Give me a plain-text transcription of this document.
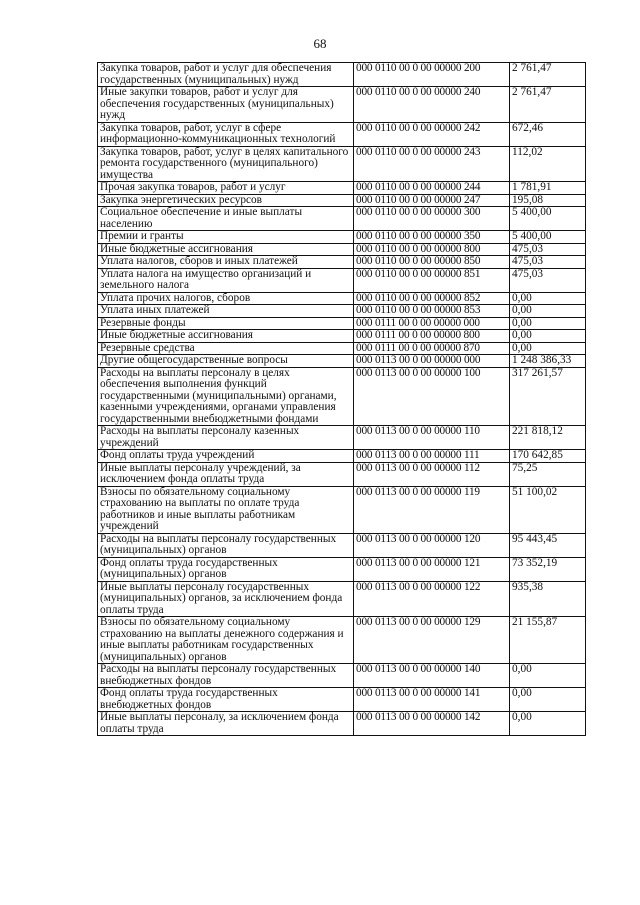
68
Закупка товаров, работ и услуг для обеспечения государственных (муниципальных) нужд	000 0110 00 0 00 00000 200	2 761,47
Иные закупки товаров, работ и услуг для обеспечения государственных (муниципальных) нужд	000 0110 00 0 00 00000 240	2 761,47
Закупка товаров, работ, услуг в сфере информационно-коммуникационных технологий	000 0110 00 0 00 00000 242	672,46
Закупка товаров, работ, услуг в целях капитального ремонта государственного (муниципального) имущества	000 0110 00 0 00 00000 243	112,02
Прочая закупка товаров, работ и услуг	000 0110 00 0 00 00000 244	1 781,91
Закупка энергетических ресурсов	000 0110 00 0 00 00000 247	195,08
Социальное обеспечение и иные выплаты населению	000 0110 00 0 00 00000 300	5 400,00
Премии и гранты	000 0110 00 0 00 00000 350	5 400,00
Иные бюджетные ассигнования	000 0110 00 0 00 00000 800	475,03
Уплата налогов, сборов и иных платежей	000 0110 00 0 00 00000 850	475,03
Уплата налога на имущество организаций и земельного налога	000 0110 00 0 00 00000 851	475,03
Уплата прочих налогов, сборов	000 0110 00 0 00 00000 852	0,00
Уплата иных платежей	000 0110 00 0 00 00000 853	0,00
Резервные фонды	000 0111 00 0 00 00000 000	0,00
Иные бюджетные ассигнования	000 0111 00 0 00 00000 800	0,00
Резервные средства	000 0111 00 0 00 00000 870	0,00
Другие общегосударственные вопросы	000 0113 00 0 00 00000 000	1 248 386,33
Расходы на выплаты персоналу в целях обеспечения выполнения функций государственными (муниципальными) органами, казенными учреждениями, органами управления государственными внебюджетными фондами	000 0113 00 0 00 00000 100	317 261,57
Расходы на выплаты персоналу казенных учреждений	000 0113 00 0 00 00000 110	221 818,12
Фонд оплаты труда учреждений	000 0113 00 0 00 00000 111	170 642,85
Иные выплаты персоналу учреждений, за исключением фонда оплаты труда	000 0113 00 0 00 00000 112	75,25
Взносы по обязательному социальному страхованию на выплаты по оплате труда работников и иные выплаты работникам учреждений	000 0113 00 0 00 00000 119	51 100,02
Расходы на выплаты персоналу государственных (муниципальных) органов	000 0113 00 0 00 00000 120	95 443,45
Фонд оплаты труда государственных (муниципальных) органов	000 0113 00 0 00 00000 121	73 352,19
Иные выплаты персоналу государственных (муниципальных) органов, за исключением фонда оплаты труда	000 0113 00 0 00 00000 122	935,38
Взносы по обязательному социальному страхованию на выплаты денежного содержания и иные выплаты работникам государственных (муниципальных) органов	000 0113 00 0 00 00000 129	21 155,87
Расходы на выплаты персоналу государственных внебюджетных фондов	000 0113 00 0 00 00000 140	0,00
Фонд оплаты труда государственных внебюджетных фондов	000 0113 00 0 00 00000 141	0,00
Иные выплаты персоналу, за исключением фонда оплаты труда	000 0113 00 0 00 00000 142	0,00
